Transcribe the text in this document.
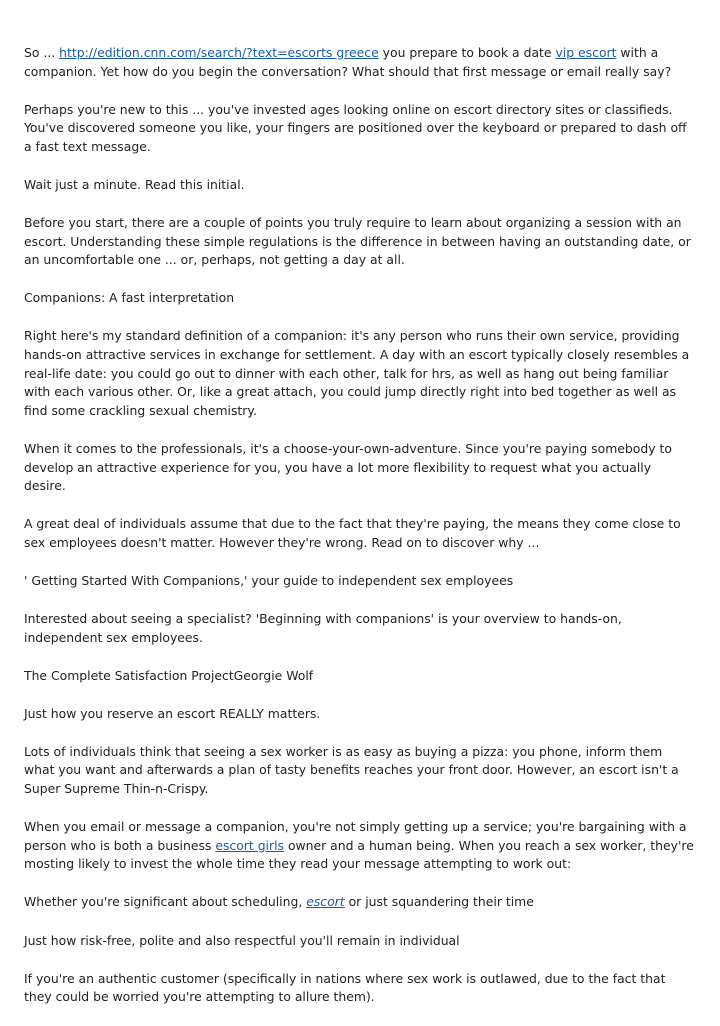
So ... http://edition.cnn.com/search/?text=escorts greece you prepare to book a date vip escort with a companion. Yet how do you begin the conversation? What should that first message or email really say?

Perhaps you're new to this ... you've invested ages looking online on escort directory sites or classifieds. You've discovered someone you like, your fingers are positioned over the keyboard or prepared to dash off a fast text message.

Wait just a minute. Read this initial.

Before you start, there are a couple of points you truly require to learn about organizing a session with an escort. Understanding these simple regulations is the difference in between having an outstanding date, or an uncomfortable one ... or, perhaps, not getting a day at all.

Companions: A fast interpretation

Right here's my standard definition of a companion: it's any person who runs their own service, providing hands-on attractive services in exchange for settlement. A day with an escort typically closely resembles a real-life date: you could go out to dinner with each other, talk for hrs, as well as hang out being familiar with each various other. Or, like a great attach, you could jump directly right into bed together as well as find some crackling sexual chemistry.

When it comes to the professionals, it's a choose-your-own-adventure. Since you're paying somebody to develop an attractive experience for you, you have a lot more flexibility to request what you actually desire.

A great deal of individuals assume that due to the fact that they're paying, the means they come close to sex employees doesn't matter. However they're wrong. Read on to discover why ...

' Getting Started With Companions,' your guide to independent sex employees

Interested about seeing a specialist? 'Beginning with companions' is your overview to hands-on, independent sex employees.

The Complete Satisfaction ProjectGeorgie Wolf

Just how you reserve an escort REALLY matters.

Lots of individuals think that seeing a sex worker is as easy as buying a pizza: you phone, inform them what you want and afterwards a plan of tasty benefits reaches your front door. However, an escort isn't a Super Supreme Thin-n-Crispy.

When you email or message a companion, you're not simply getting up a service; you're bargaining with a person who is both a business escort girls owner and a human being. When you reach a sex worker, they're mosting likely to invest the whole time they read your message attempting to work out:

Whether you're significant about scheduling, escort or just squandering their time

Just how risk-free, polite and also respectful you'll remain in individual

If you're an authentic customer (specifically in nations where sex work is outlawed, due to the fact that they could be worried you're attempting to allure them).
